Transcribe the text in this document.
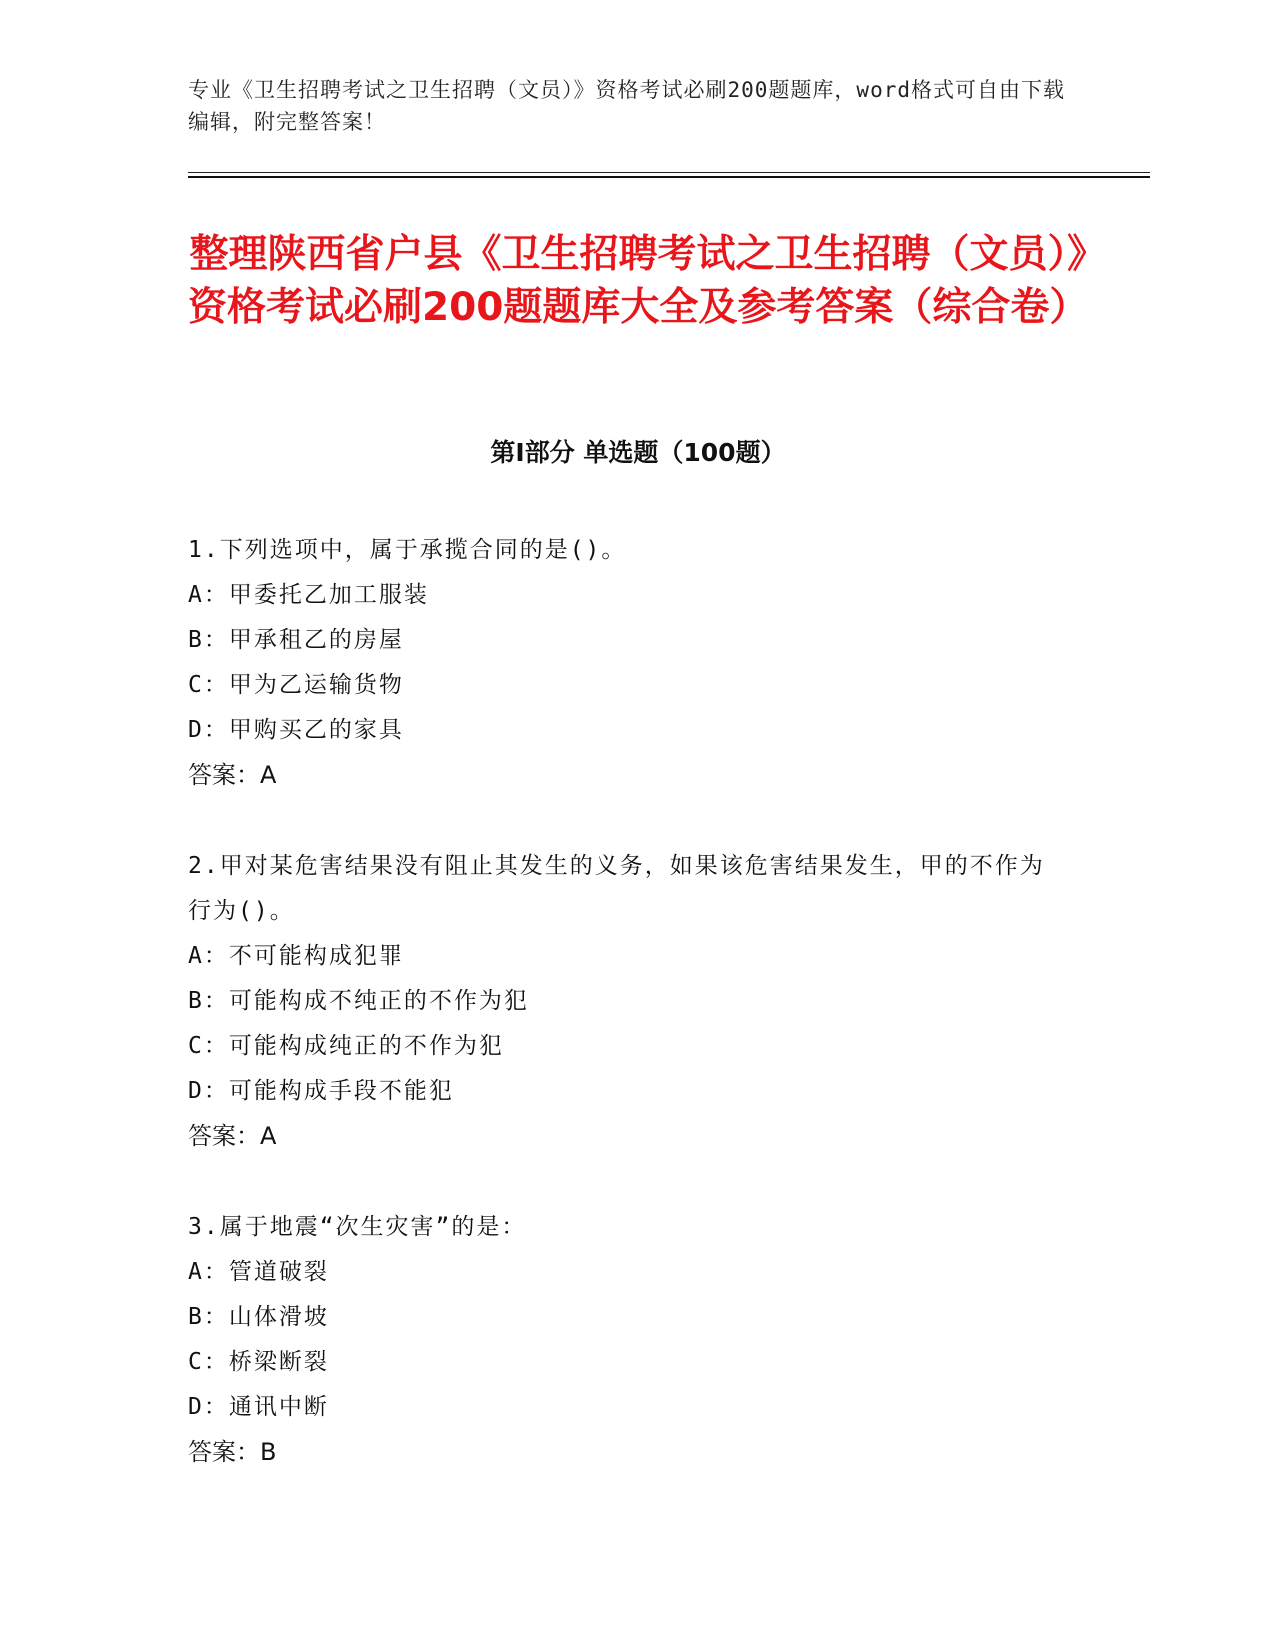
专业《卫生招聘考试之卫生招聘（文员）》资格考试必刷200题题库，word格式可自由下载编辑，附完整答案！
整理陕西省户县《卫生招聘考试之卫生招聘（文员）》资格考试必刷200题题库大全及参考答案（综合卷）
第Ⅰ部分 单选题（100题）
1.下列选项中，属于承揽合同的是()。
A：甲委托乙加工服装
B：甲承租乙的房屋
C：甲为乙运输货物
D：甲购买乙的家具
答案：A
2.甲对某危害结果没有阻止其发生的义务，如果该危害结果发生，甲的不作为行为()。
A：不可能构成犯罪
B：可能构成不纯正的不作为犯
C：可能构成纯正的不作为犯
D：可能构成手段不能犯
答案：A
3.属于地震“次生灾害”的是：
A：管道破裂
B：山体滑坡
C：桥梁断裂
D：通讯中断
答案：B
